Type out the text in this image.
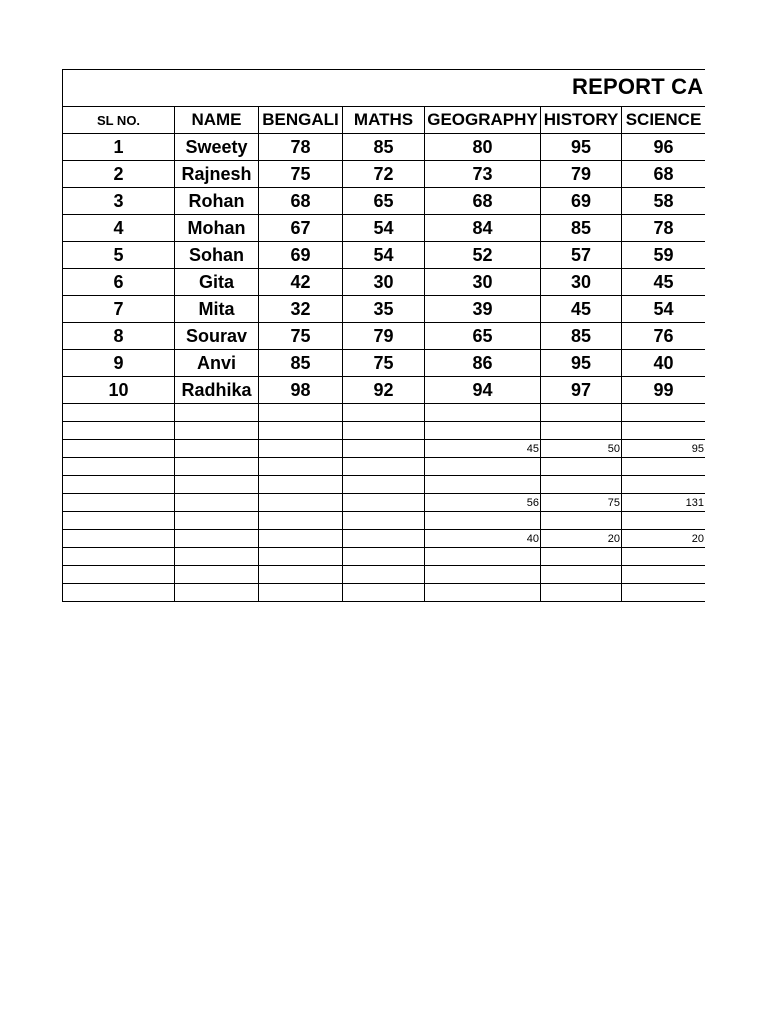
REPORT CA						

SL NO.	NAME	BENGALI	MATHS	GEOGRAPHY	HISTORY	SCIENCE
1	Sweety	78	85	80	95	96
2	Rajnesh	75	72	73	79	68
3	Rohan	68	65	68	69	58
4	Mohan	67	54	84	85	78
5	Sohan	69	54	52	57	59
6	Gita	42	30	30	30	45
7	Mita	32	35	39	45	54
8	Sourav	75	79	65	85	76
9	Anvi	85	75	86	95	40
10	Radhika	98	92	94	97	99

				45	50	95

				56	75	131

				40	20	20
